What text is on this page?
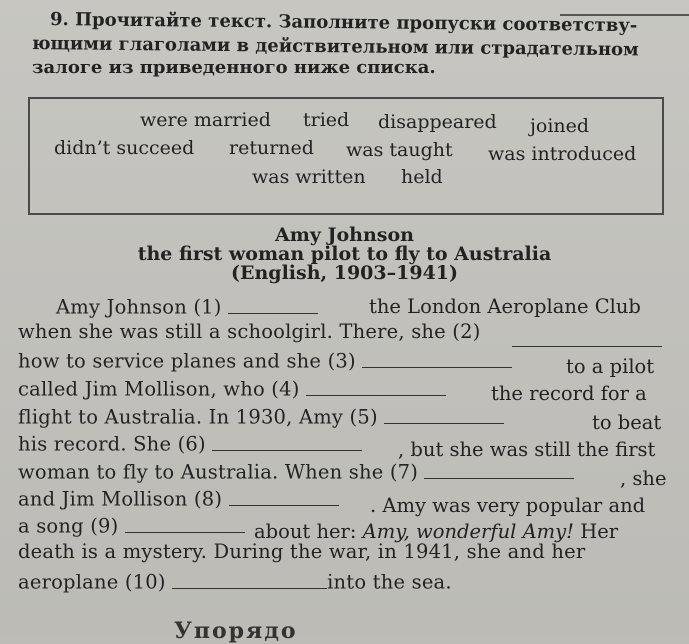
9. Прочитайте текст. Заполните пропуски соответству-
ющими глаголами в действительном или страдательном
залоге из приведенного ниже списка.
were married tried disappeared joined
didn’t succeed returned was taught was introduced
was written held
Amy Johnson
the first woman pilot to fly to Australia
(English, 1903–1941)
Amy Johnson (1)	the London Aeroplane Club
when she was still a schoolgirl. There, she (2)
how to service planes and she (3)	to a pilot
called Jim Mollison, who (4)	the record for a
flight to Australia. In 1930, Amy (5)	to beat
his record. She (6)	, but she was still the first
woman to fly to Australia. When she (7)	, she
and Jim Mollison (8)	. Amy was very popular and
a song (9)	about her: Amy, wonderful Amy! Her
death is a mystery. During the war, in 1941, she and her
aeroplane (10)	into the sea.
Упорядо
